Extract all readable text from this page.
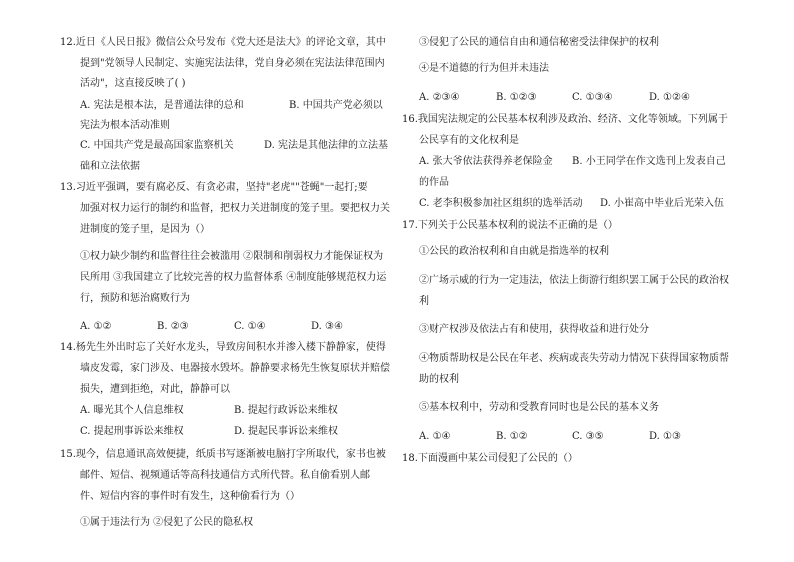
12.近日《人民日报》微信公众号发布《党大还是法大》的评论文章，其中
提到"党领导人民制定、实施宪法法律，党自身必须在宪法法律范围内
活动"，这直接反映了( )
A. 宪法是根本法，是普通法律的总和	B. 中国共产党必须以
宪法为根本活动准则
C. 中国共产党是最高国家监察机关	D. 宪法是其他法律的立法基
础和立法依据
13.习近平强调，要有腐必反、有贪必肃，坚持"老虎""苍蝇"一起打;要
加强对权力运行的制约和监督，把权力关进制度的笼子里。要把权力关
进制度的笼子里，是因为（）
①权力缺少制约和监督往往会被滥用 ②限制和削弱权力才能保证权为
民所用 ③我国建立了比较完善的权力监督体系 ④制度能够规范权力运
行，预防和惩治腐败行为
A. ①②	B. ②③	C. ①④	D. ③④
14.杨先生外出时忘了关好水龙头，导致房间积水并渗入楼下静静家，使得
墙皮发霉，家门涉及、电器接水毁坏。静静要求杨先生恢复原状并赔偿
损失，遭到拒绝，对此，静静可以
A. 曝光其个人信息维权	B. 提起行政诉讼来维权
C. 提起刑事诉讼来维权	D. 提起民事诉讼来维权
15.现今，信息通讯高效便捷，纸质书写逐渐被电脑打字所取代，家书也被
邮件、短信、视频通话等高科技通信方式所代替。私自偷看别人邮
件、短信内容的事件时有发生，这种偷看行为（）
①属于违法行为 ②侵犯了公民的隐私权
③侵犯了公民的通信自由和通信秘密受法律保护的权利
④是不道德的行为但并未违法
A. ②③④	B. ①②③	C. ①③④	D. ①②④
16.我国宪法规定的公民基本权利涉及政治、经济、文化等领域。下列属于
公民享有的文化权利是
A. 张大爷依法获得养老保险金 B. 小王同学在作文选刊上发表自己
的作品
C. 老李积极参加社区组织的选举活动 D. 小崔高中毕业后光荣入伍
17.下列关于公民基本权利的说法不正确的是（）
①公民的政治权利和自由就是指选举的权利
②广场示威的行为一定违法，依法上街游行组织罢工属于公民的政治权
利
③财产权涉及依法占有和使用，获得收益和进行处分
④物质帮助权是公民在年老、疾病或丧失劳动力情况下获得国家物质帮
助的权利
⑤基本权利中，劳动和受教育同时也是公民的基本义务
A. ①④	B. ①②	C. ③⑤	D. ①③
18.下面漫画中某公司侵犯了公民的（）
